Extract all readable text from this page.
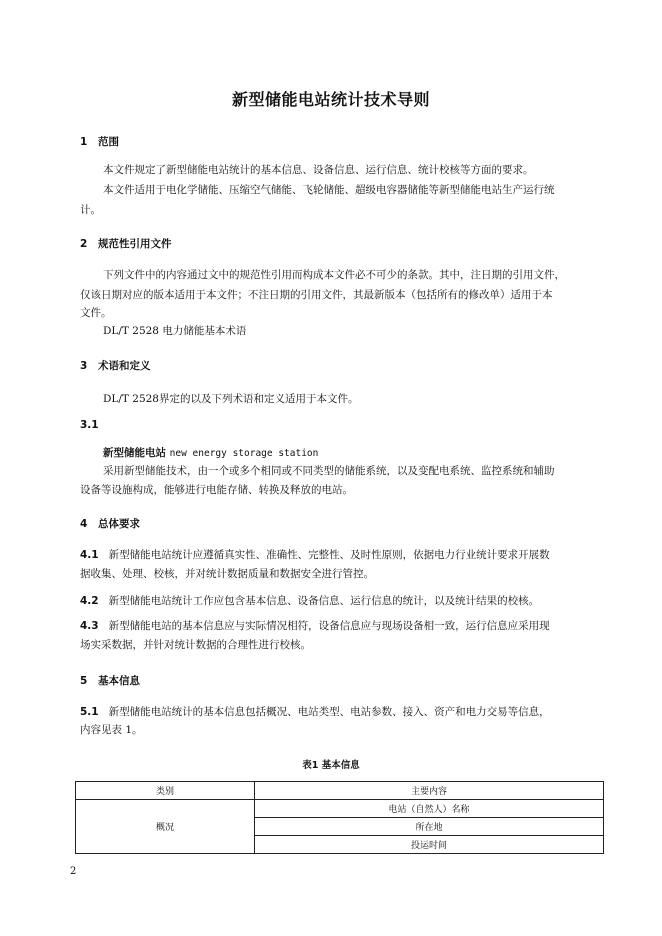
新型储能电站统计技术导则
1 范围
本文件规定了新型储能电站统计的基本信息、设备信息、运行信息、统计校核等方面的要求。
本文件适用于电化学储能、压缩空气储能、飞轮储能、超级电容器储能等新型储能电站生产运行统
计。
2 规范性引用文件
下列文件中的内容通过文中的规范性引用而构成本文件必不可少的条款。其中，注日期的引用文件，
仅该日期对应的版本适用于本文件；不注日期的引用文件，其最新版本（包括所有的修改单）适用于本
文件。
DL/T 2528 电力储能基本术语
3 术语和定义
DL/T 2528界定的以及下列术语和定义适用于本文件。
3.1
新型储能电站 new energy storage station
采用新型储能技术，由一个或多个相同或不同类型的储能系统，以及变配电系统、监控系统和辅助
设备等设施构成，能够进行电能存储、转换及释放的电站。
4 总体要求
4.1 新型储能电站统计应遵循真实性、准确性、完整性、及时性原则，依据电力行业统计要求开展数
据收集、处理、校核，并对统计数据质量和数据安全进行管控。
4.2 新型储能电站统计工作应包含基本信息、设备信息、运行信息的统计，以及统计结果的校核。
4.3 新型储能电站的基本信息应与实际情况相符，设备信息应与现场设备相一致，运行信息应采用现
场实采数据，并针对统计数据的合理性进行校核。
5 基本信息
5.1 新型储能电站统计的基本信息包括概况、电站类型、电站参数、接入、资产和电力交易等信息，
内容见表 1。
表1 基本信息
类别	主要内容
概况	电站（自然人）名称
	所在地
	投运时间
2
